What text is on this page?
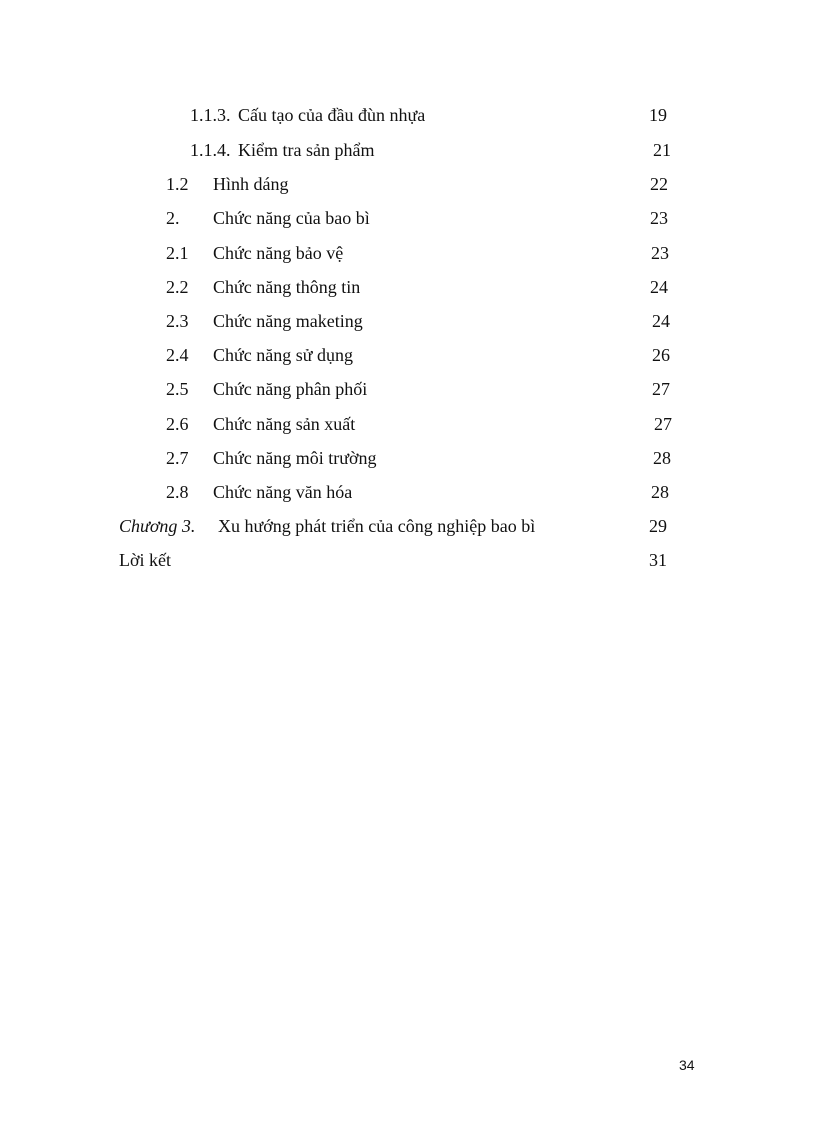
1.1.3. Cấu tạo của đầu đùn nhựa	19
1.1.4. Kiểm tra sản phẩm	21
1.2 Hình dáng	22
2. Chức năng của bao bì	23
2.1 Chức năng bảo vệ	23
2.2 Chức năng thông tin	24
2.3 Chức năng maketing	24
2.4 Chức năng sử dụng	26
2.5 Chức năng phân phối	27
2.6 Chức năng sản xuất	27
2.7 Chức năng môi trường	28
2.8 Chức năng văn hóa	28
Chương 3. Xu hướng phát triển của công nghiệp bao bì	29
Lời kết	31
34
